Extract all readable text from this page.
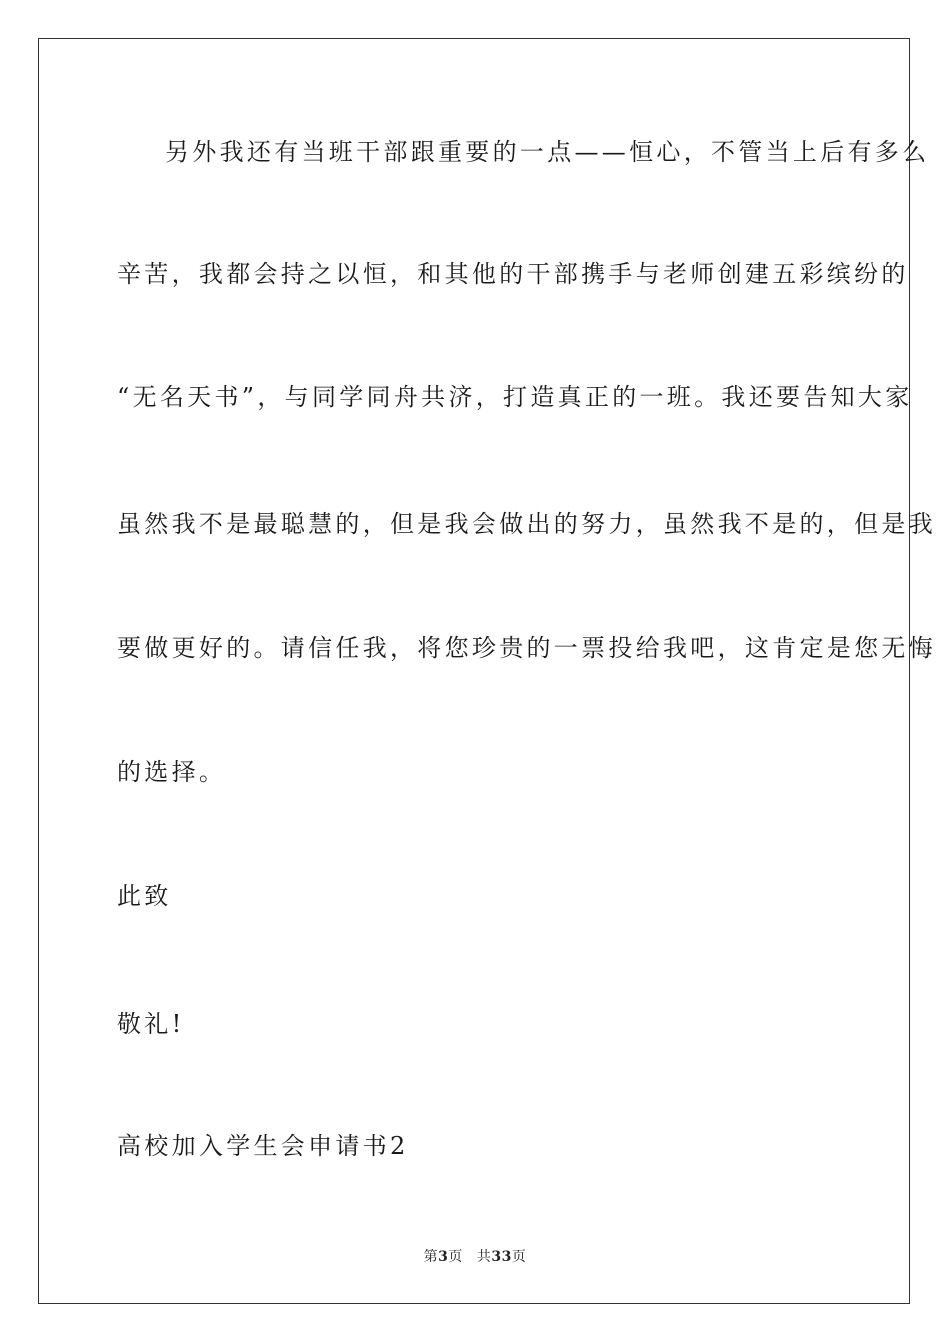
另外我还有当班干部跟重要的一点——恒心，不管当上后有多么
辛苦，我都会持之以恒，和其他的干部携手与老师创建五彩缤纷的
“无名天书”，与同学同舟共济，打造真正的一班。我还要告知大家
虽然我不是最聪慧的，但是我会做出的努力，虽然我不是的，但是我
要做更好的。请信任我，将您珍贵的一票投给我吧，这肯定是您无悔
的选择。
此致
敬礼!
高校加入学生会申请书2
第3页 共33页
